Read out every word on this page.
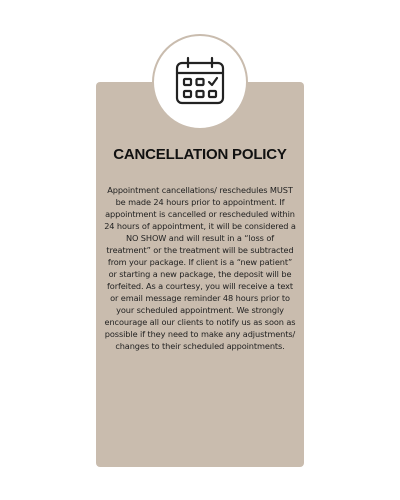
CANCELLATION POLICY

Appointment cancellations/ reschedules MUST be made 24 hours prior to appointment. If appointment is cancelled or rescheduled within 24 hours of appointment, it will be considered a NO SHOW and will result in a “loss of treatment” or the treatment will be subtracted from your package. If client is a “new patient” or starting a new package, the deposit will be forfeited. As a courtesy, you will receive a text or email message reminder 48 hours prior to your scheduled appointment. We strongly encourage all our clients to notify us as soon as possible if they need to make any adjustments/ changes to their scheduled appointments.
